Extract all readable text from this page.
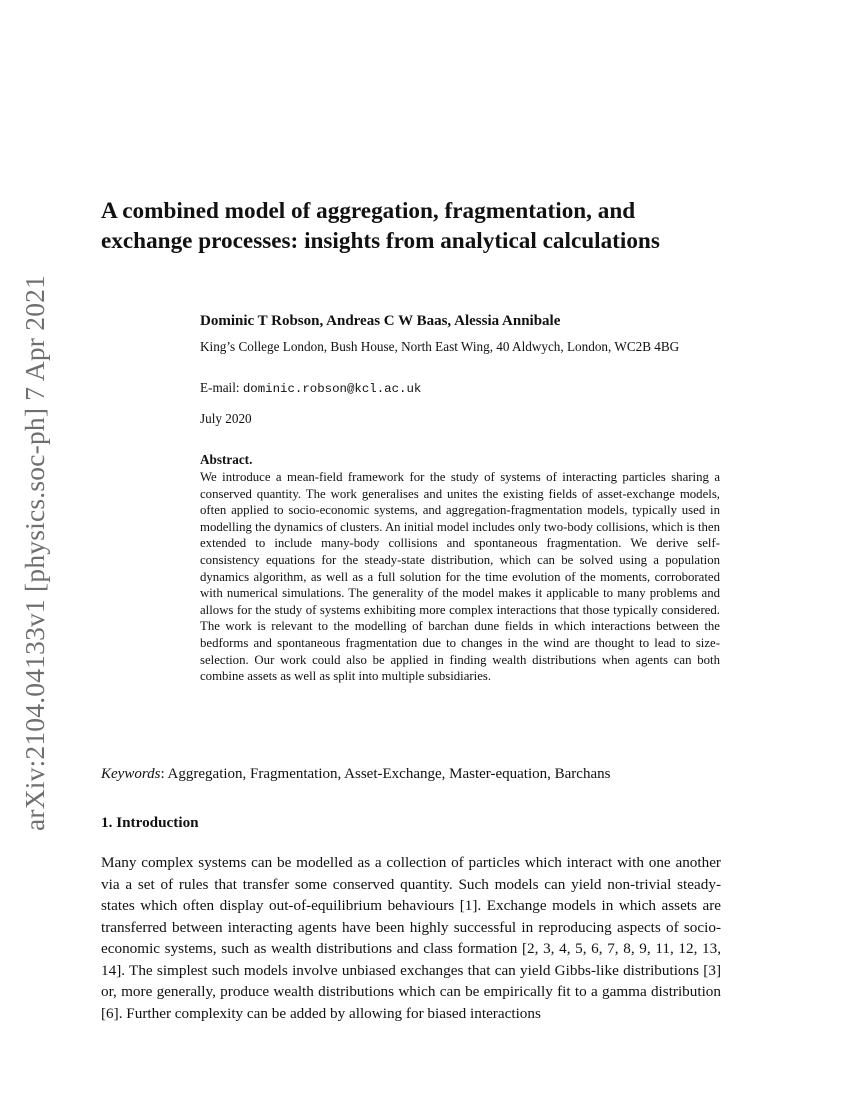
arXiv:2104.04133v1 [physics.soc-ph] 7 Apr 2021
A combined model of aggregation, fragmentation, and exchange processes: insights from analytical calculations

Dominic T Robson, Andreas C W Baas, Alessia Annibale

King’s College London, Bush House, North East Wing, 40 Aldwych, London, WC2B 4BG

E-mail: dominic.robson@kcl.ac.uk

July 2020

Abstract.

We introduce a mean-field framework for the study of systems of interacting particles sharing a conserved quantity. The work generalises and unites the existing fields of asset-exchange models, often applied to socio-economic systems, and aggregation-fragmentation models, typically used in modelling the dynamics of clusters. An initial model includes only two-body collisions, which is then extended to include many-body collisions and spontaneous fragmentation. We derive self-consistency equations for the steady-state distribution, which can be solved using a population dynamics algorithm, as well as a full solution for the time evolution of the moments, corroborated with numerical simulations. The generality of the model makes it applicable to many problems and allows for the study of systems exhibiting more complex interactions that those typically considered. The work is relevant to the modelling of barchan dune fields in which interactions between the bedforms and spontaneous fragmentation due to changes in the wind are thought to lead to size-selection. Our work could also be applied in finding wealth distributions when agents can both combine assets as well as split into multiple subsidiaries.

Keywords: Aggregation, Fragmentation, Asset-Exchange, Master-equation, Barchans

1. Introduction

Many complex systems can be modelled as a collection of particles which interact with one another via a set of rules that transfer some conserved quantity. Such models can yield non-trivial steady-states which often display out-of-equilibrium behaviours [1]. Exchange models in which assets are transferred between interacting agents have been highly successful in reproducing aspects of socio-economic systems, such as wealth distributions and class formation [2, 3, 4, 5, 6, 7, 8, 9, 11, 12, 13, 14]. The simplest such models involve unbiased exchanges that can yield Gibbs-like distributions [3] or, more generally, produce wealth distributions which can be empirically fit to a gamma distribution [6]. Further complexity can be added by allowing for biased interactions
